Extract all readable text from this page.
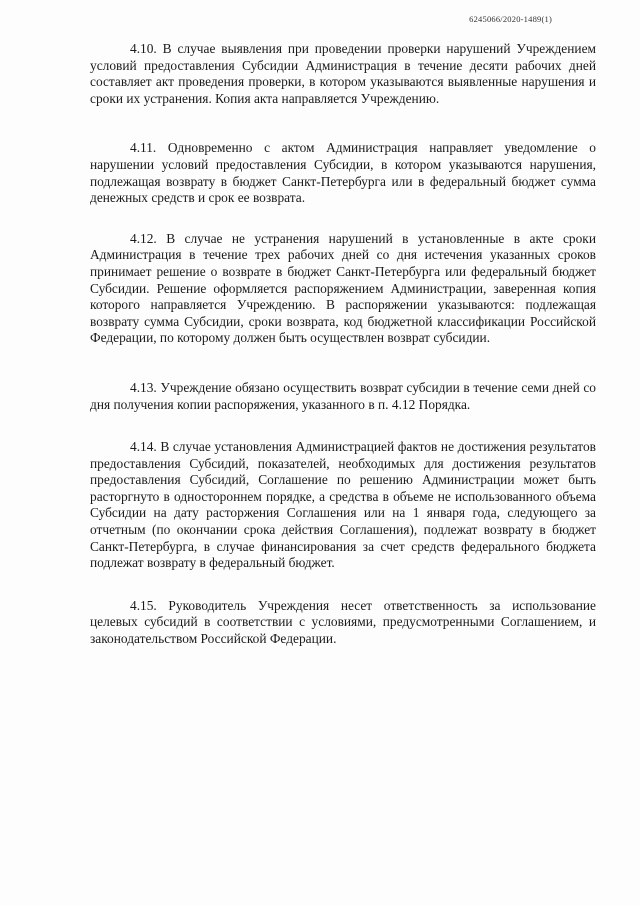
6245066/2020-1489(1)

4.10. В случае выявления при проведении проверки нарушений Учреждением условий предоставления Субсидии Администрация в течение десяти рабочих дней составляет акт проведения проверки, в котором указываются выявленные нарушения и сроки их устранения. Копия акта направляется Учреждению.

4.11. Одновременно с актом Администрация направляет уведомление о нарушении условий предоставления Субсидии, в котором указываются нарушения, подлежащая возврату в бюджет Санкт-Петербурга или в федеральный бюджет сумма денежных средств и срок ее возврата.

4.12. В случае не устранения нарушений в установленные в акте сроки Администрация в течение трех рабочих дней со дня истечения указанных сроков принимает решение о возврате в бюджет Санкт-Петербурга или федеральный бюджет Субсидии. Решение оформляется распоряжением Администрации, заверенная копия которого направляется Учреждению. В распоряжении указываются: подлежащая возврату сумма Субсидии, сроки возврата, код бюджетной классификации Российской Федерации, по которому должен быть осуществлен возврат субсидии.

4.13. Учреждение обязано осуществить возврат субсидии в течение семи дней со дня получения копии распоряжения, указанного в п. 4.12 Порядка.

4.14. В случае установления Администрацией фактов не достижения результатов предоставления Субсидий, показателей, необходимых для достижения результатов предоставления Субсидий, Соглашение по решению Администрации может быть расторгнуто в одностороннем порядке, а средства в объеме не использованного объема Субсидии на дату расторжения Соглашения или на 1 января года, следующего за отчетным (по окончании срока действия Соглашения), подлежат возврату в бюджет Санкт-Петербурга, в случае финансирования за счет средств федерального бюджета подлежат возврату в федеральный бюджет.

4.15. Руководитель Учреждения несет ответственность за использование целевых субсидий в соответствии с условиями, предусмотренными Соглашением, и законодательством Российской Федерации.
